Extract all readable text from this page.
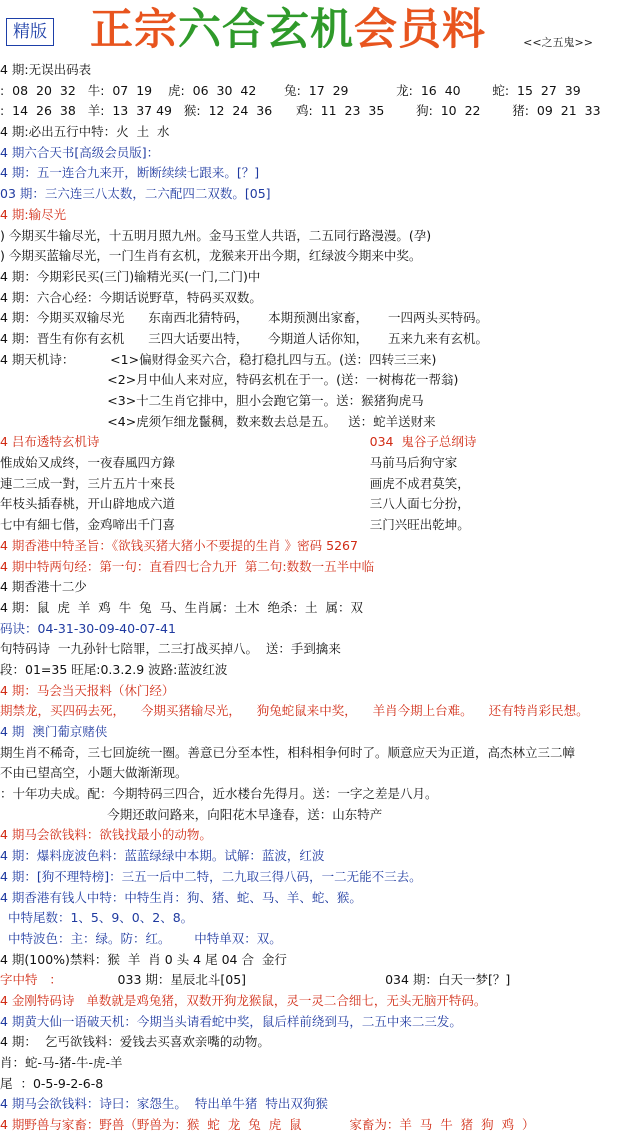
精版 正宗六合玄机会员料	<<之五鬼>>
4 期:无误出码表
:  08  20  32   牛:  07  19    虎:  06  30  42       兔:  17  29            龙:  16  40        蛇:  15  27  39
:  14  26  38   羊:  13  37 49   猴:  12  24  36      鸡:  11  23  35        狗:  10  22        猪:  09  21  33
4 期:必出五行中特：火  土  水
4 期六合天书[高级会员版]：
4 期：五一连合九来开，断断续续七跟来。[？]
03 期：三六连三八太数，二六配四二双数。[05]
4 期:输尽光
) 今期买牛输尽光，十五明月照九州。金马玉堂人共语，二五同行路漫漫。(孕)
) 今期买蓝输尽光，一门生肖有玄机，龙猴来开出今期，红绿波今期来中奖。
4 期：今期彩民买(三门)输精光买(一门,二门)中
4 期：六合心经：今期话说野草，特码买双数。
4 期：今期买双输尽光      东南西北猜特码，     本期预测出家畜，     一四两头买特码。
4 期：晋生有你有玄机      三四大话要出特，     今期道人话你知，     五来九来有玄机。
4 期天机诗：         <1>偏财得金买六合，稳打稳扎四与五。(送：四转三三来)
<2>月中仙人来对应，特码玄机在于一。(送：一树梅花一帮翁)
<3>十二生肖它排中，胆小会跑它第一。送：猴猪狗虎马
<4>虎须乍细龙鬣稠，数来数去总是五。   送：蛇羊送财来
4 吕布透特玄机诗                                                                    034  鬼谷子总纲诗
惟成始又成终，一夜春風四方錄                                                 马前马后狗守家
連二三成一對，三片五片十來長                                                 画虎不成君莫笑，
年枝头插春桃，开山辟地成六道                                                 三八人面七分扮，
七中有細七偕，金鸡啼出千门喜                                                 三门兴旺出乾坤。
4 期香港中特圣旨：《欲钱买猪大猪小不要提的生肖 》密码 5267
4 期中特两句经：第一句：直看四七合九开  第二句:数数一五半中临
4 期香港十二少
4 期：鼠  虎  羊  鸡  牛  兔  马、生肖属：土木  绝杀：土  属：双
码诀：04-31-30-09-40-07-41
句特码诗  一九孙针七陪罪，二三打战买掉八。  送：手到擒来
段：01=35 旺尾:0.3.2.9 波路:蓝波红波
4 期：马会当天报料（休门经）
期禁龙，买四码去死，    今期买猪输尽光，    狗兔蛇鼠来中奖，    羊肖今期上台难。    还有特肖彩民想。
4 期  澳门葡京赌侠
期生肖不稀奇，三七回旋统一圈。善意已分至本性，相科相争何时了。顺意应天为正道，高杰林立三二幛
不由已望高空，小题大做渐渐现。
：十年功夫成。配：今期特码三四合，近水楼台先得月。送：一字之差是八月。
今期还敢问路来，向阳花木早逢春，送：山东特产
4 期马会欲钱料：欲钱找最小的动物。
4 期：爆料庞波色料：蓝蓝绿绿中本期。试解：蓝波，红波
4 期：[狗不理特榜]：三五一后中二特，二九取三得八码，一二无能不三去。
4 期香港有钱人中特：中特生肖：狗、猪、蛇、马、羊、蛇、猴。
中特尾数：1、5、9、0、2、8。
中特波色：主：绿。防：红。      中特单双：双。
4 期(100%)禁料：猴  羊  肖 0 头 4 尾 04 合  金行
字中特   ：              033 期：星辰北斗[05]                                   034 期：白天一梦[？]
4 金刚特码诗   单数就是鸡兔猪，双数开狗龙猴鼠，灵一灵二合细七，无头无脑开特码。
4 期黄大仙一语破天机：今期当头请看蛇中奖，鼠后样前绕到马，二五中来二三发。
4 期：  乞丐欲钱料：爱钱去买喜欢亲嘴的动物。
肖：蛇-马-猪-牛-虎-羊
尾  ：0-5-9-2-6-8
4 期马会欲钱料：诗曰：家怨生。  特出单牛猪  特出双狗猴
4 期野兽与家畜：野兽（野兽为：猴  蛇  龙  兔  虎  鼠            家畜为：羊  马  牛  猪  狗  鸡  ）
